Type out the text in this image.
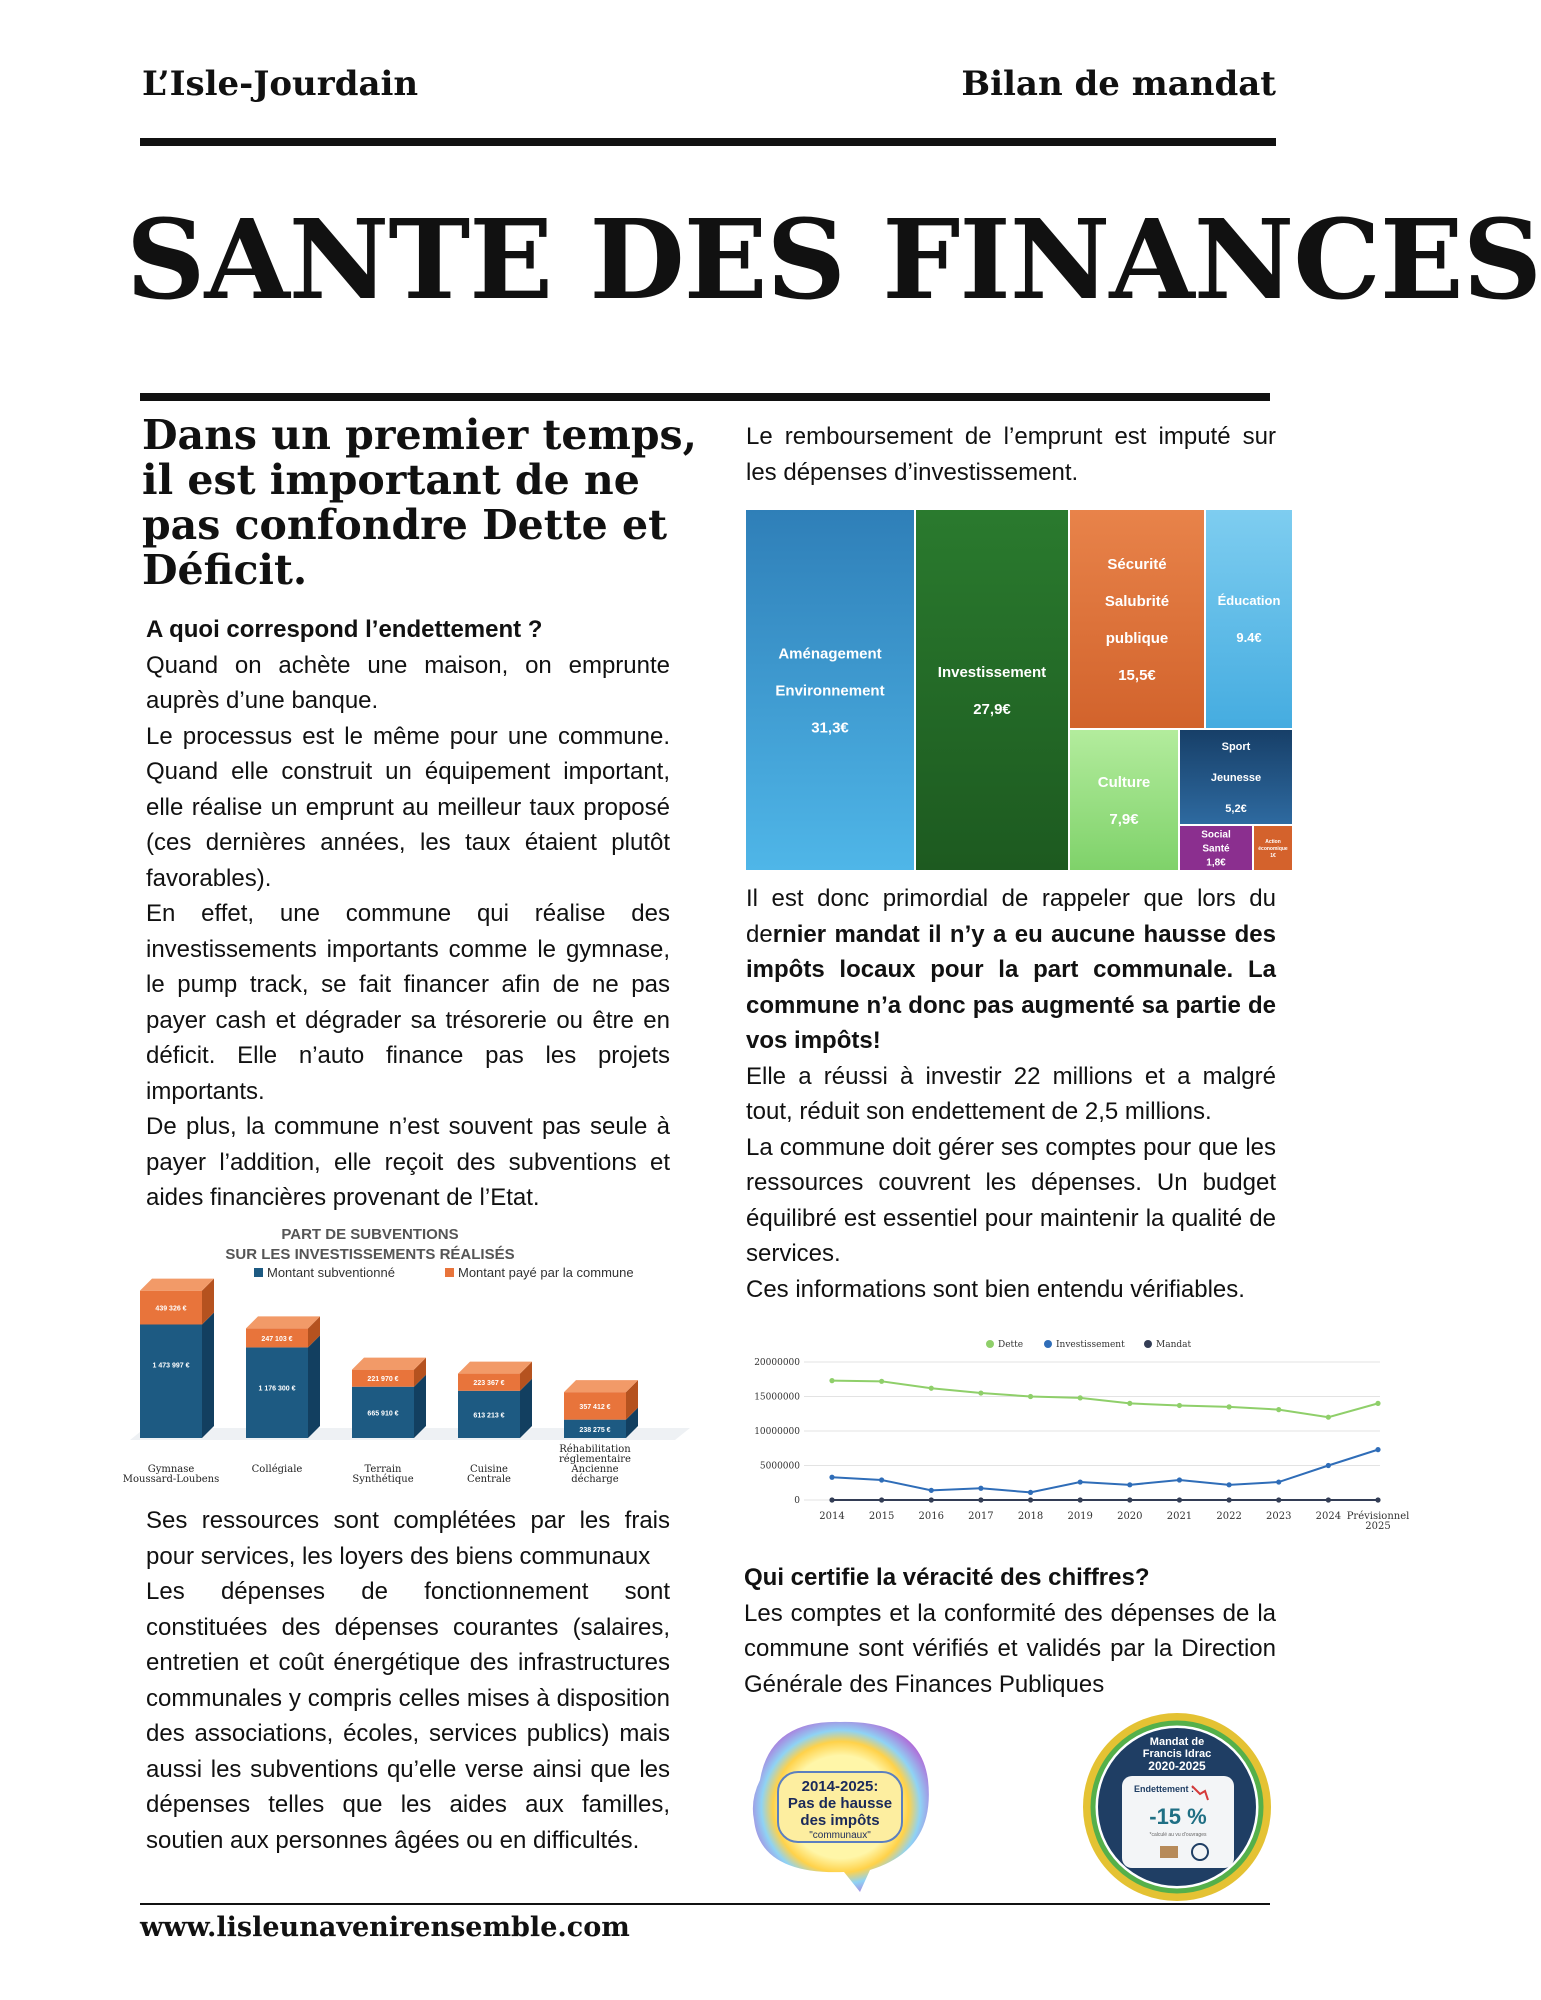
L’Isle-Jourdain	Bilan de mandat
SANTE DES FINANCES
Dans un premier temps, il est important de ne pas confondre Dette et Déficit.

A quoi correspond l’endettement ?

Quand on achète une maison, on emprunte auprès d’une banque.

Le processus est le même pour une commune. Quand elle construit un équipement important, elle réalise un emprunt au meilleur taux proposé (ces dernières années, les taux étaient plutôt favorables).

En effet, une commune qui réalise des investissements importants comme le gymnase, le pump track, se fait financer afin de ne pas payer cash et dégrader sa trésorerie ou être en déficit. Elle n’auto finance pas les projets importants.

De plus, la commune n’est souvent pas seule à payer l’addition, elle reçoit des subventions et aides financières provenant de l’Etat.

PART DE SUBVENTIONS
SUR LES INVESTISSEMENTS RÉALISÉS
Montant subventionné	Montant payé par la commune
1 473 997 €
439 326 €
1 176 300 €
247 103 €
665 910 €
221 970 €
613 213 €
223 367 €
238 275 €
357 412 €
Gymnase
Moussard-Loubens
Collégiale	Terrain
Synthétique
Cuisine
Centrale
Réhabilitation
réglementaire
Ancienne
décharge

Ses ressources sont complétées par les frais pour services, les loyers des biens communaux

Les dépenses de fonctionnement sont constituées des dépenses courantes (salaires, entretien et coût énergétique des infrastructures communales y compris celles mises à disposition des associations, écoles, services publics) mais aussi les subventions qu’elle verse ainsi que les dépenses telles que les aides aux familles, soutien aux personnes âgées ou en difficultés.

Le remboursement de l’emprunt est imputé sur les dépenses d’investissement.

Aménagement
Environnement
31,3€
Investissement
27,9€
Sécurité
Salubrité
publique
15,5€
Éducation
9.4€
Culture
7,9€
Sport
Jeunesse
5,2€
Social
Santé
1,8€
Action
économique
1€

Il est donc primordial de rappeler que lors du dernier mandat il n’y a eu aucune hausse des impôts locaux pour la part communale. La commune n’a donc pas augmenté sa partie de vos impôts!

Elle a réussi à investir 22 millions et a malgré tout, réduit son endettement de 2,5 millions.

La commune doit gérer ses comptes pour que les ressources couvrent les dépenses. Un budget équilibré est essentiel pour maintenir la qualité de services.

Ces informations sont bien entendu vérifiables.

Dette	Investissement	Mandat
0
5000000
10000000
15000000
20000000
2014 2015 2016 2017 2018 2019 2020 2021 2022 2023 2024 Prévisionnel
2025

Qui certifie la véracité des chiffres?

Les comptes et la conformité des dépenses de la commune sont vérifiés et validés par la Direction Générale des Finances Publiques

2014-2025:
Pas de hausse
des impôts
"communaux"
Mandat de
Francis Idrac
2020-2025
Endettement :
-15 %
*calculé au vu d’ouvrages
www.lisleunavenirensemble.com
